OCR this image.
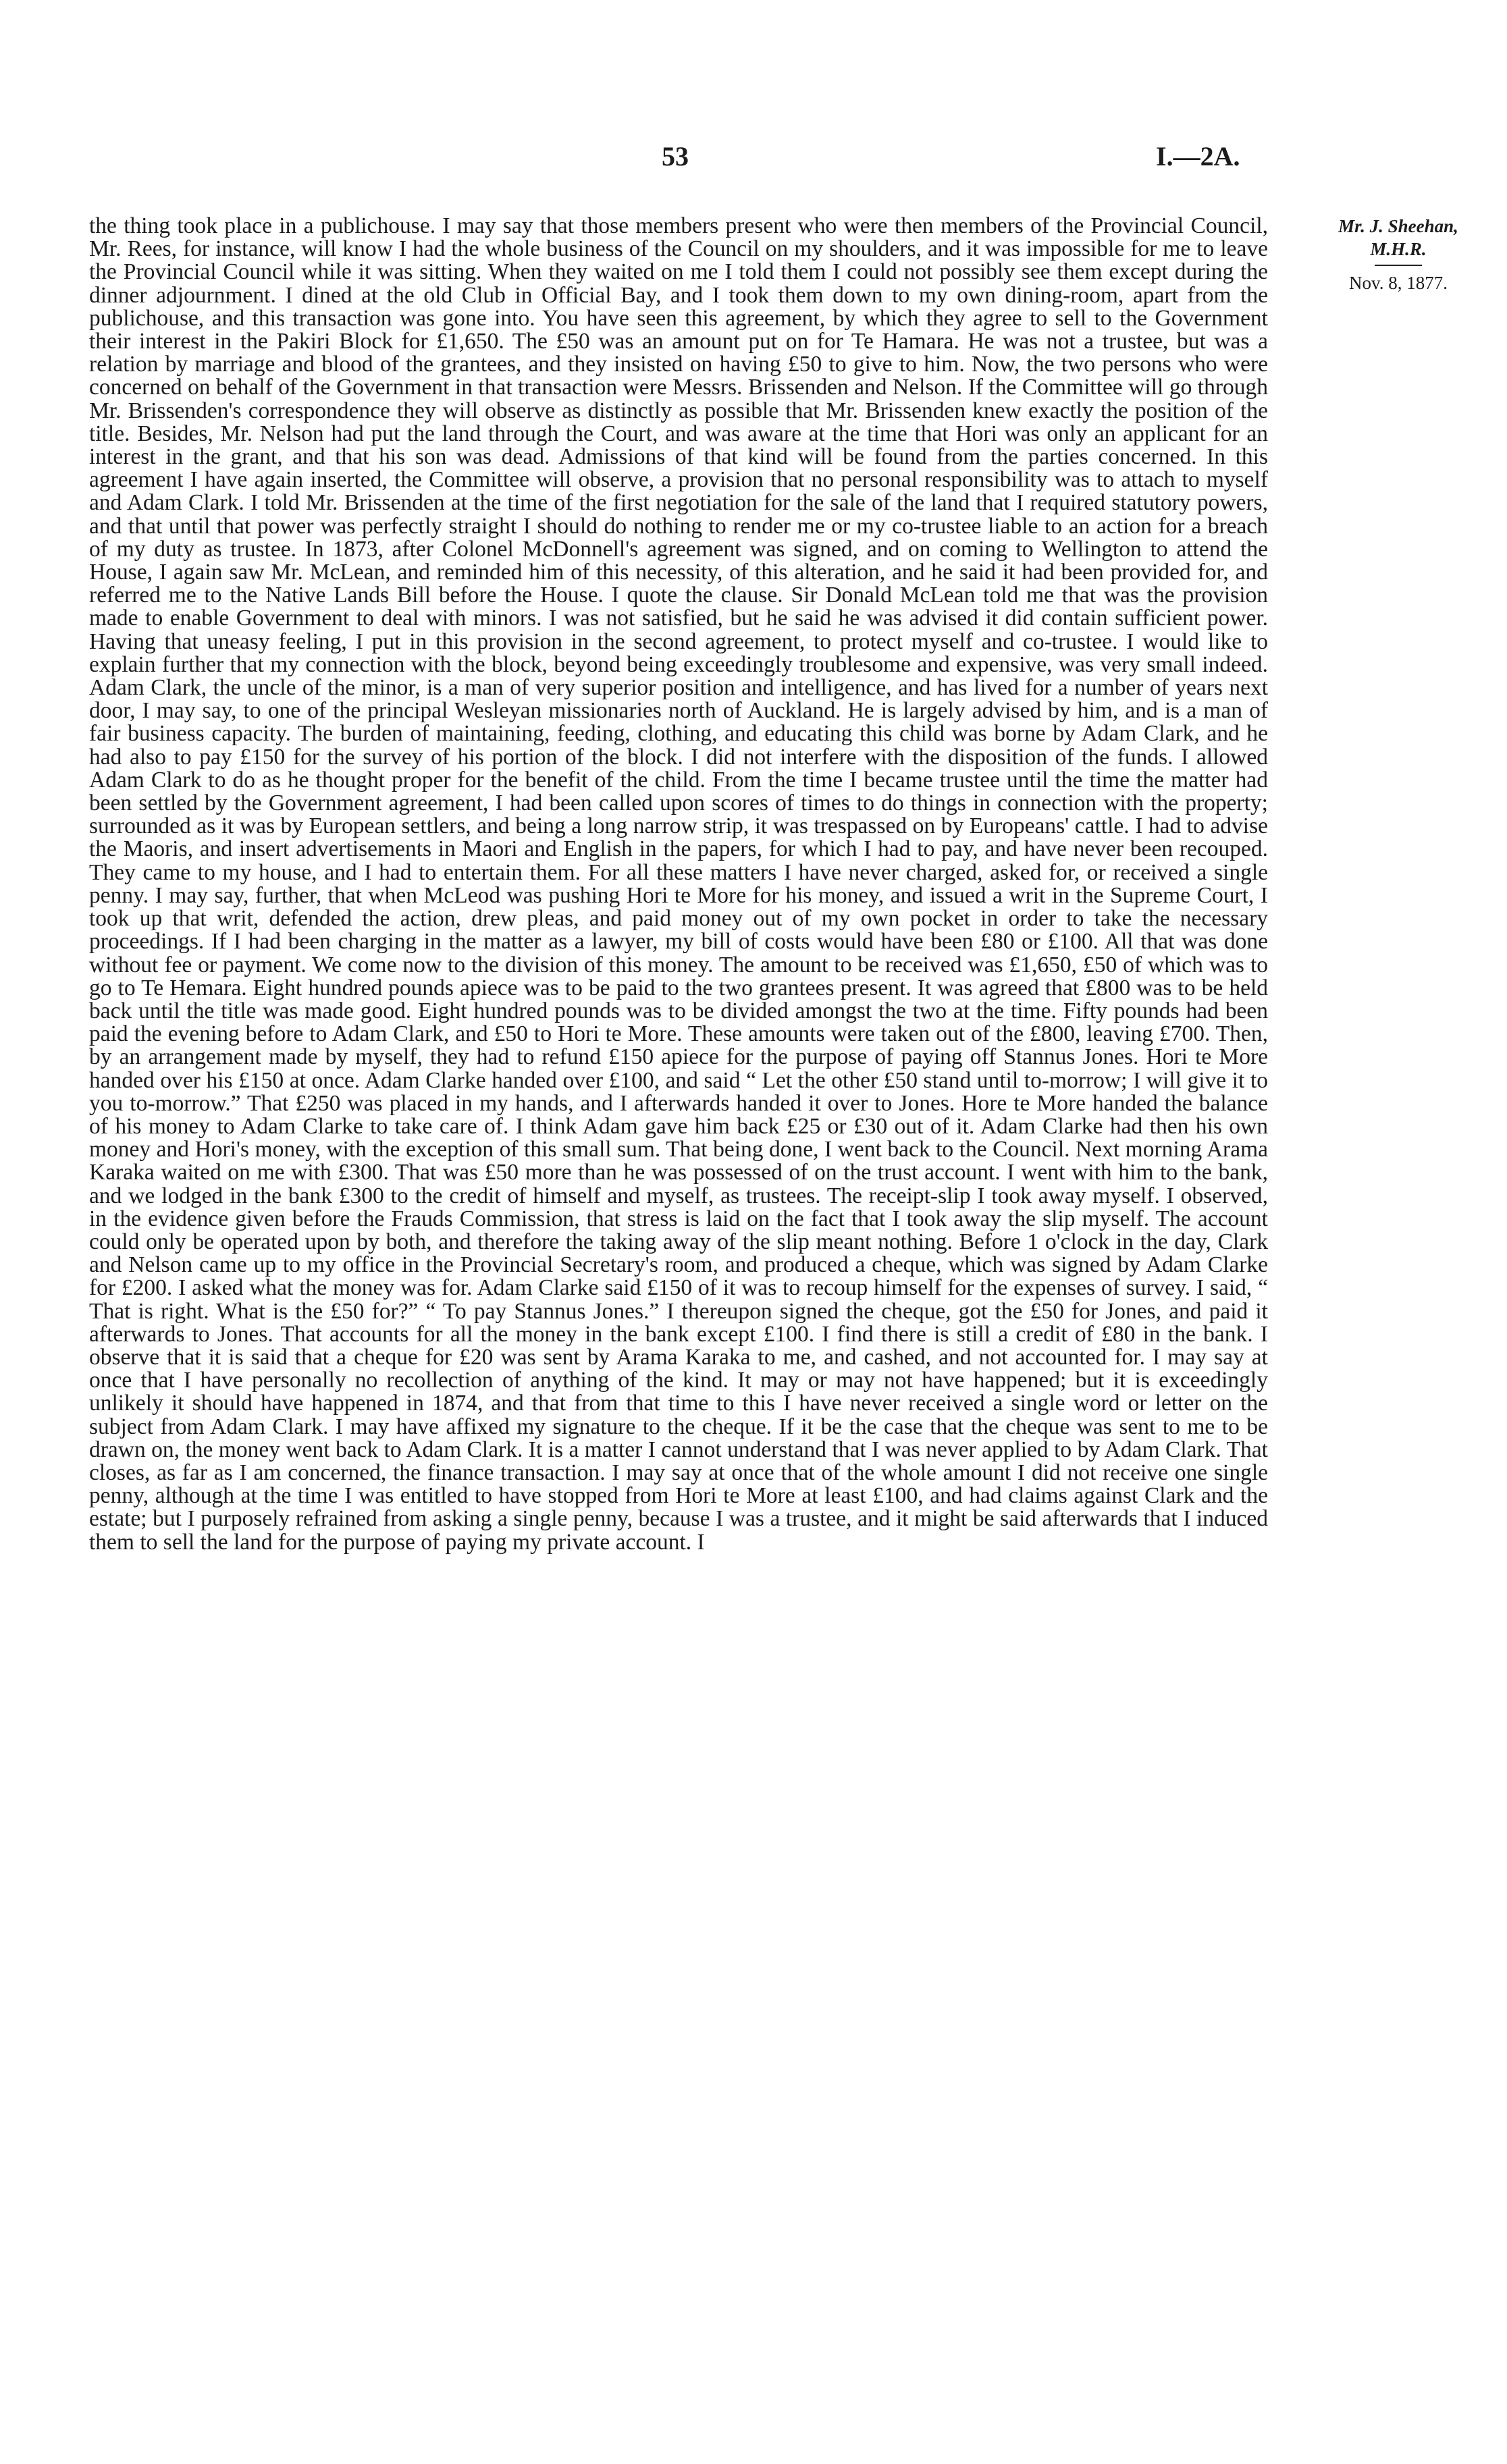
53	I.—2A.

the thing took place in a publichouse. I may say that those members present who were then members of the Provincial Council, Mr. Rees, for instance, will know I had the whole business of the Council on my shoulders, and it was impossible for me to leave the Provincial Council while it was sitting. When they waited on me I told them I could not possibly see them except during the dinner adjournment. I dined at the old Club in Official Bay, and I took them down to my own dining-room, apart from the publichouse, and this transaction was gone into. You have seen this agreement, by which they agree to sell to the Government their interest in the Pakiri Block for £1,650. The £50 was an amount put on for Te Hamara. He was not a trustee, but was a relation by marriage and blood of the grantees, and they insisted on having £50 to give to him. Now, the two persons who were concerned on behalf of the Government in that transaction were Messrs. Brissenden and Nelson. If the Committee will go through Mr. Brissenden's correspondence they will observe as distinctly as possible that Mr. Brissenden knew exactly the position of the title. Besides, Mr. Nelson had put the land through the Court, and was aware at the time that Hori was only an applicant for an interest in the grant, and that his son was dead. Admissions of that kind will be found from the parties concerned. In this agreement I have again inserted, the Committee will observe, a provision that no personal responsibility was to attach to myself and Adam Clark. I told Mr. Brissenden at the time of the first negotiation for the sale of the land that I required statutory powers, and that until that power was perfectly straight I should do nothing to render me or my co-trustee liable to an action for a breach of my duty as trustee. In 1873, after Colonel McDonnell's agreement was signed, and on coming to Wellington to attend the House, I again saw Mr. McLean, and reminded him of this necessity, of this alteration, and he said it had been provided for, and referred me to the Native Lands Bill before the House. I quote the clause. Sir Donald McLean told me that was the provision made to enable Government to deal with minors. I was not satisfied, but he said he was advised it did contain sufficient power. Having that uneasy feeling, I put in this provision in the second agreement, to protect myself and co-trustee. I would like to explain further that my connection with the block, beyond being exceedingly troublesome and expensive, was very small indeed. Adam Clark, the uncle of the minor, is a man of very superior position and intelligence, and has lived for a number of years next door, I may say, to one of the principal Wesleyan missionaries north of Auckland. He is largely advised by him, and is a man of fair business capacity. The burden of maintaining, feeding, clothing, and educating this child was borne by Adam Clark, and he had also to pay £150 for the survey of his portion of the block. I did not interfere with the disposition of the funds. I allowed Adam Clark to do as he thought proper for the benefit of the child. From the time I became trustee until the time the matter had been settled by the Government agreement, I had been called upon scores of times to do things in connection with the property; surrounded as it was by European settlers, and being a long narrow strip, it was trespassed on by Europeans' cattle. I had to advise the Maoris, and insert advertisements in Maori and English in the papers, for which I had to pay, and have never been recouped. They came to my house, and I had to entertain them. For all these matters I have never charged, asked for, or received a single penny. I may say, further, that when McLeod was pushing Hori te More for his money, and issued a writ in the Supreme Court, I took up that writ, defended the action, drew pleas, and paid money out of my own pocket in order to take the necessary proceedings. If I had been charging in the matter as a lawyer, my bill of costs would have been £80 or £100. All that was done without fee or payment. We come now to the division of this money. The amount to be received was £1,650, £50 of which was to go to Te Hemara. Eight hundred pounds apiece was to be paid to the two grantees present. It was agreed that £800 was to be held back until the title was made good. Eight hundred pounds was to be divided amongst the two at the time. Fifty pounds had been paid the evening before to Adam Clark, and £50 to Hori te More. These amounts were taken out of the £800, leaving £700. Then, by an arrangement made by myself, they had to refund £150 apiece for the purpose of paying off Stannus Jones. Hori te More handed over his £150 at once. Adam Clarke handed over £100, and said “ Let the other £50 stand until to-morrow; I will give it to you to-morrow.” That £250 was placed in my hands, and I afterwards handed it over to Jones. Hore te More handed the balance of his money to Adam Clarke to take care of. I think Adam gave him back £25 or £30 out of it. Adam Clarke had then his own money and Hori's money, with the exception of this small sum. That being done, I went back to the Council. Next morning Arama Karaka waited on me with £300. That was £50 more than he was possessed of on the trust account. I went with him to the bank, and we lodged in the bank £300 to the credit of himself and myself, as trustees. The receipt-slip I took away myself. I observed, in the evidence given before the Frauds Commission, that stress is laid on the fact that I took away the slip myself. The account could only be operated upon by both, and therefore the taking away of the slip meant nothing. Before 1 o'clock in the day, Clark and Nelson came up to my office in the Provincial Secretary's room, and produced a cheque, which was signed by Adam Clarke for £200. I asked what the money was for. Adam Clarke said £150 of it was to recoup himself for the expenses of survey. I said, “ That is right. What is the £50 for?” “ To pay Stannus Jones.” I thereupon signed the cheque, got the £50 for Jones, and paid it afterwards to Jones. That accounts for all the money in the bank except £100. I find there is still a credit of £80 in the bank. I observe that it is said that a cheque for £20 was sent by Arama Karaka to me, and cashed, and not accounted for. I may say at once that I have personally no recollection of anything of the kind. It may or may not have happened; but it is exceedingly unlikely it should have happened in 1874, and that from that time to this I have never received a single word or letter on the subject from Adam Clark. I may have affixed my signature to the cheque. If it be the case that the cheque was sent to me to be drawn on, the money went back to Adam Clark. It is a matter I cannot understand that I was never applied to by Adam Clark. That closes, as far as I am concerned, the finance transaction. I may say at once that of the whole amount I did not receive one single penny, although at the time I was entitled to have stopped from Hori te More at least £100, and had claims against Clark and the estate; but I purposely refrained from asking a single penny, because I was a trustee, and it might be said afterwards that I induced them to sell the land for the purpose of paying my private account. I

Mr. J. Sheehan,
M.H.R.
Nov. 8, 1877.
